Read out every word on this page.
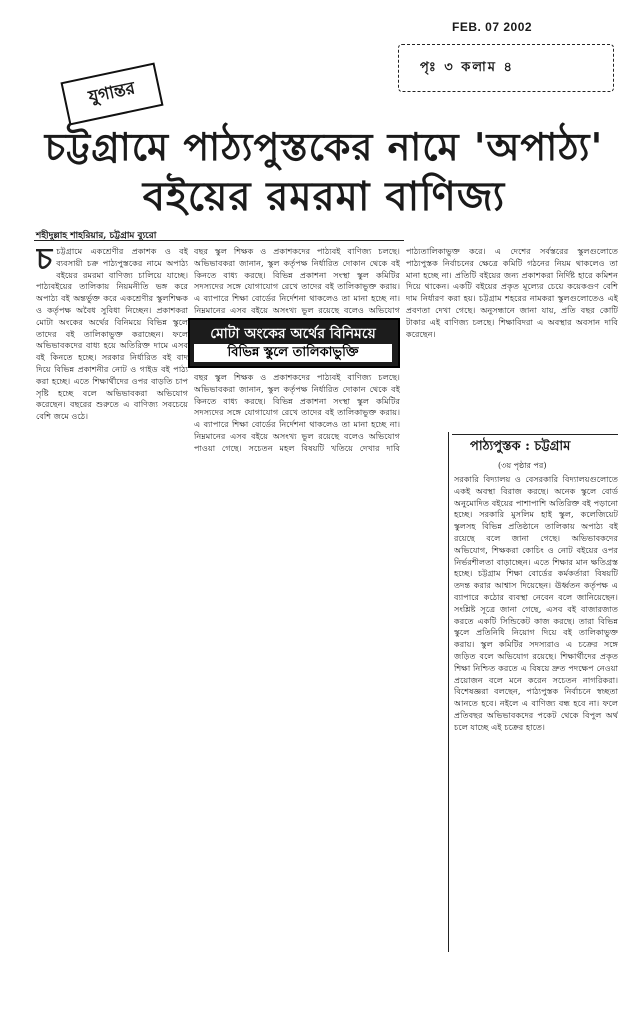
FEB. 07 2002
পৃঃ ৩ কলাম ৪
যুগান্তর
চট্টগ্রামে পাঠ্যপুস্তকের নামে 'অপাঠ্য'
বইয়ের রমরমা বাণিজ্য
শহীদুল্লাহ শাহরিয়ার, চট্টগ্রাম ব্যুরো
চ চট্টগ্রামে একশ্রেণীর প্রকাশক ও বই ব্যবসায়ী চক্র পাঠ্যপুস্তকের নামে অপাঠ্য বইয়ের রমরমা বাণিজ্য চালিয়ে যাচ্ছে। পাঠ্যবইয়ের তালিকায় নিয়মনীতি ভঙ্গ করে অপাঠ্য বই অন্তর্ভুক্ত করে একশ্রেণীর স্কুলশিক্ষক ও কর্তৃপক্ষ অবৈধ সুবিধা নিচ্ছেন। প্রকাশকরা মোটা অংকের অর্থের বিনিময়ে বিভিন্ন স্কুলে তাদের বই তালিকাভুক্ত করাচ্ছেন। ফলে অভিভাবকদের বাধ্য হয়ে অতিরিক্ত দামে এসব বই কিনতে হচ্ছে। সরকার নির্ধারিত বই বাদ দিয়ে বিভিন্ন প্রকাশনীর নোট ও গাইড বই পাঠ্য করা হচ্ছে। এতে শিক্ষার্থীদের ওপর বাড়তি চাপ সৃষ্টি হচ্ছে বলে অভিভাবকরা অভিযোগ করেছেন। বছরের শুরুতে এ বাণিজ্য সবচেয়ে বেশি জমে ওঠে।
বছর স্কুল শিক্ষক ও প্রকাশকদের পাঠ্যবই বাণিজ্য চলছে। অভিভাবকরা জানান, স্কুল কর্তৃপক্ষ নির্ধারিত দোকান থেকে বই কিনতে বাধ্য করছে। বিভিন্ন প্রকাশনা সংস্থা স্কুল কমিটির সদস্যদের সঙ্গে যোগাযোগ রেখে তাদের বই তালিকাভুক্ত করায়। এ ব্যাপারে শিক্ষা বোর্ডের নির্দেশনা থাকলেও তা মানা হচ্ছে না। নিম্নমানের এসব বইয়ে অসংখ্য ভুল রয়েছে বলেও অভিযোগ
মোটা অংকের অর্থের বিনিময়ে
বিভিন্ন স্কুলে তালিকাভুক্তি
বছর স্কুল শিক্ষক ও প্রকাশকদের পাঠ্যবই বাণিজ্য চলছে। অভিভাবকরা জানান, স্কুল কর্তৃপক্ষ নির্ধারিত দোকান থেকে বই কিনতে বাধ্য করছে। বিভিন্ন প্রকাশনা সংস্থা স্কুল কমিটির সদস্যদের সঙ্গে যোগাযোগ রেখে তাদের বই তালিকাভুক্ত করায়। এ ব্যাপারে শিক্ষা বোর্ডের নির্দেশনা থাকলেও তা মানা হচ্ছে না। নিম্নমানের এসব বইয়ে অসংখ্য ভুল রয়েছে বলেও অভিযোগ পাওয়া গেছে। সচেতন মহল বিষয়টি খতিয়ে দেখার দাবি
পাঠ্যতালিকাভুক্ত করে। এ দেশের সর্বস্তরের স্কুলগুলোতে পাঠ্যপুস্তক নির্বাচনের ক্ষেত্রে কমিটি গঠনের নিয়ম থাকলেও তা মানা হচ্ছে না। প্রতিটি বইয়ের জন্য প্রকাশকরা নির্দিষ্ট হারে কমিশন দিয়ে থাকেন। একটি বইয়ের প্রকৃত মূল্যের চেয়ে কয়েকগুণ বেশি দাম নির্ধারণ করা হয়। চট্টগ্রাম শহরের নামকরা স্কুলগুলোতেও এই প্রবণতা দেখা গেছে। অনুসন্ধানে জানা যায়, প্রতি বছর কোটি টাকার এই বাণিজ্য চলছে। শিক্ষাবিদরা এ অবস্থার অবসান দাবি করেছেন।
পাঠ্যপুস্তক : চট্টগ্রাম
(৩য় পৃষ্ঠার পর)
সরকারি বিদ্যালয় ও বেসরকারি বিদ্যালয়গুলোতে একই অবস্থা বিরাজ করছে। অনেক স্কুলে বোর্ড অনুমোদিত বইয়ের পাশাপাশি অতিরিক্ত বই পড়ানো হচ্ছে। সরকারি মুসলিম হাই স্কুল, কলেজিয়েট স্কুলসহ বিভিন্ন প্রতিষ্ঠানে তালিকায় অপাঠ্য বই রয়েছে বলে জানা গেছে। অভিভাবকদের অভিযোগ, শিক্ষকরা কোচিং ও নোট বইয়ের ওপর নির্ভরশীলতা বাড়াচ্ছেন। এতে শিক্ষার মান ক্ষতিগ্রস্ত হচ্ছে। চট্টগ্রাম শিক্ষা বোর্ডের কর্মকর্তারা বিষয়টি তদন্ত করার আশ্বাস দিয়েছেন। ঊর্ধ্বতন কর্তৃপক্ষ এ ব্যাপারে কঠোর ব্যবস্থা নেবেন বলে জানিয়েছেন। সংশ্লিষ্ট সূত্রে জানা গেছে, এসব বই বাজারজাত করতে একটি সিন্ডিকেট কাজ করছে। তারা বিভিন্ন স্কুলে প্রতিনিধি নিয়োগ দিয়ে বই তালিকাভুক্ত করায়। স্কুল কমিটির সদস্যরাও এ চক্রের সঙ্গে জড়িত বলে অভিযোগ রয়েছে। শিক্ষার্থীদের প্রকৃত শিক্ষা নিশ্চিত করতে এ বিষয়ে দ্রুত পদক্ষেপ নেওয়া প্রয়োজন বলে মনে করেন সচেতন নাগরিকরা। বিশেষজ্ঞরা বলছেন, পাঠ্যপুস্তক নির্বাচনে স্বচ্ছতা আনতে হবে। নইলে এ বাণিজ্য বন্ধ হবে না। ফলে প্রতিবছর অভিভাবকদের পকেট থেকে বিপুল অর্থ চলে যাচ্ছে এই চক্রের হাতে।
